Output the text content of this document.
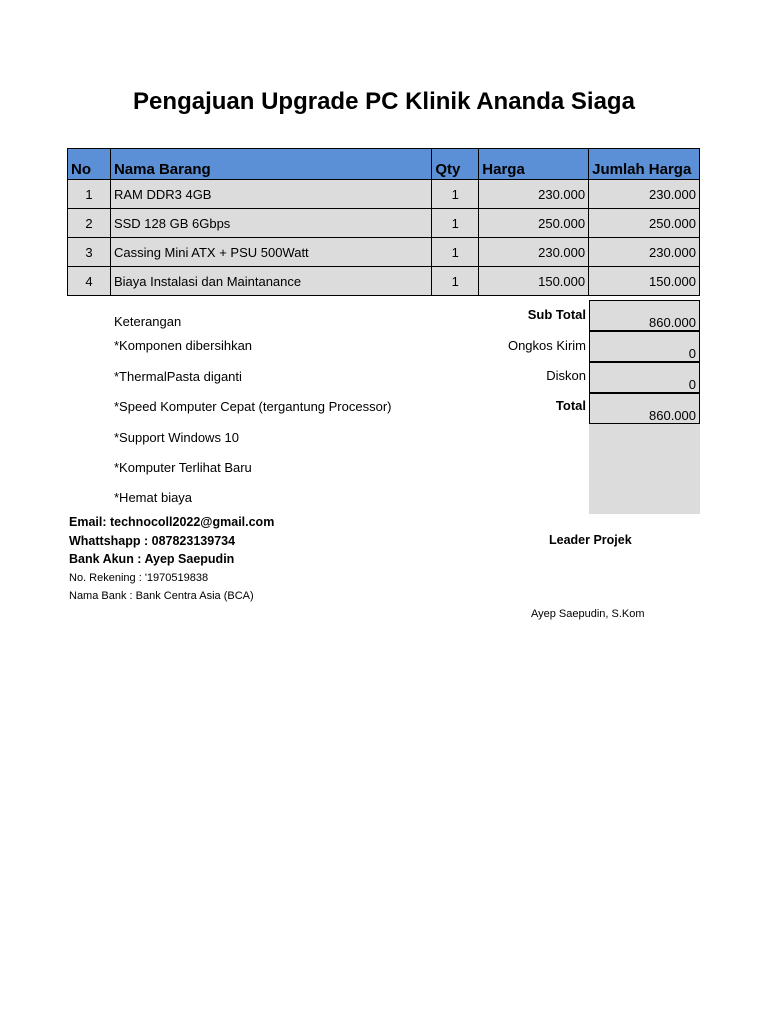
Pengajuan Upgrade PC Klinik Ananda Siaga
No	Nama Barang	Qty	Harga	Jumlah Harga
1	RAM DDR3 4GB	1	230.000	230.000
2	SSD 128 GB 6Gbps	1	250.000	250.000
3	Cassing Mini ATX + PSU 500Watt	1	230.000	230.000
4	Biaya Instalasi dan Maintanance	1	150.000	150.000
Keterangan
*Komponen dibersihkan
*ThermalPasta diganti
*Speed Komputer Cepat (tergantung Processor)
*Support Windows 10
*Komputer Terlihat Baru
*Hemat biaya
Sub Total
860.000
Ongkos Kirim
0
Diskon
0
Total
860.000
Email: technocoll2022@gmail.com
Whattshapp : 087823139734
Bank Akun : Ayep Saepudin
No. Rekening : '1970519838
Nama Bank : Bank Centra Asia (BCA)
Leader Projek
Ayep Saepudin, S.Kom
